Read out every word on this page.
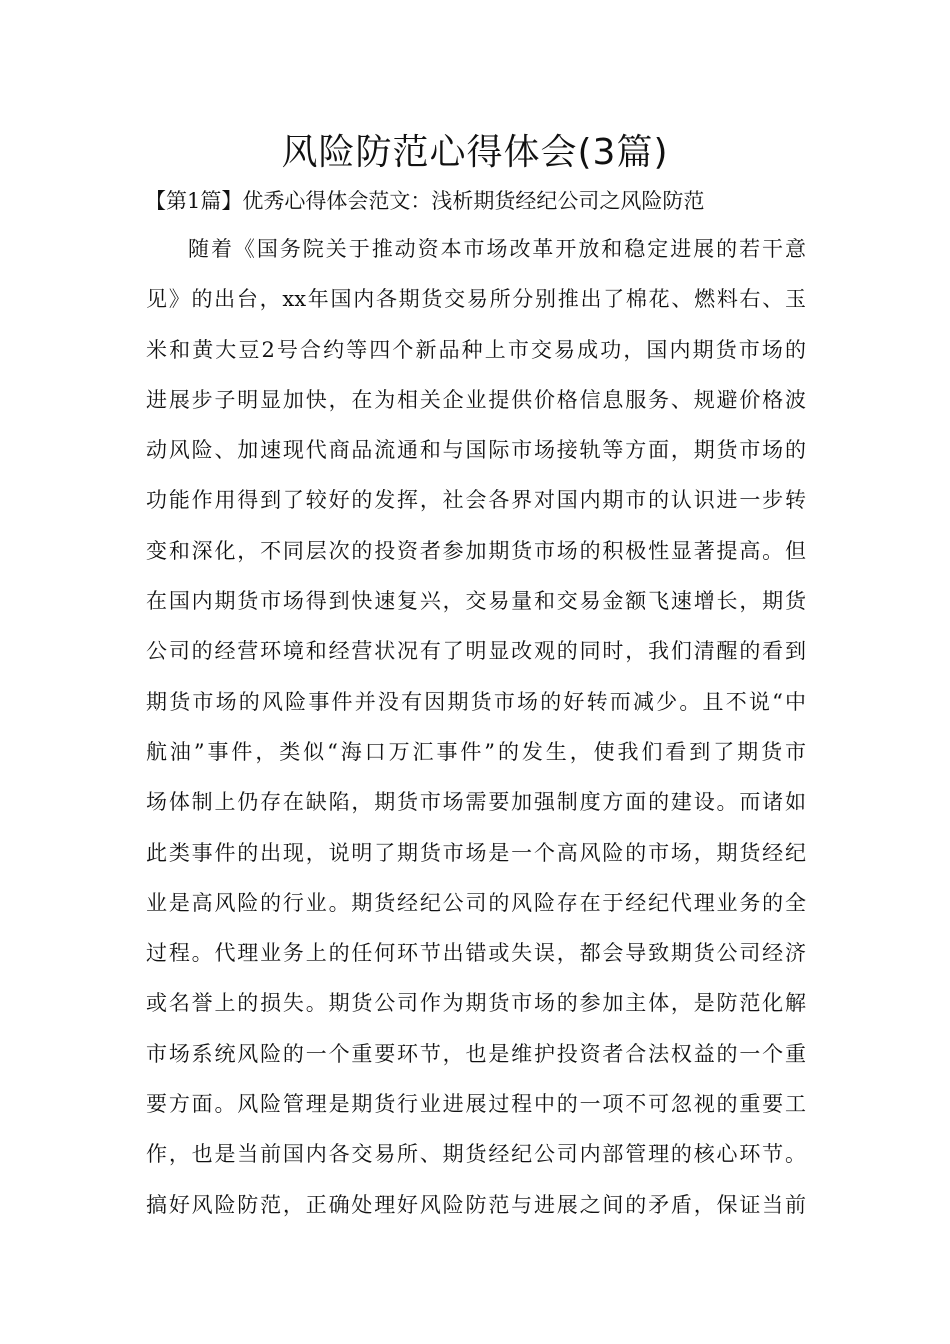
风险防范心得体会(3篇)
【第1篇】优秀心得体会范文：浅析期货经纪公司之风险防范
随着《国务院关于推动资本市场改革开放和稳定进展的若干意
见》的出台，xx年国内各期货交易所分别推出了棉花、燃料右、玉
米和黄大豆2号合约等四个新品种上市交易成功，国内期货市场的
进展步子明显加快，在为相关企业提供价格信息服务、规避价格波
动风险、加速现代商品流通和与国际市场接轨等方面，期货市场的
功能作用得到了较好的发挥，社会各界对国内期市的认识进一步转
变和深化，不同层次的投资者参加期货市场的积极性显著提高。但
在国内期货市场得到快速复兴，交易量和交易金额飞速增长，期货
公司的经营环境和经营状况有了明显改观的同时，我们清醒的看到
期货市场的风险事件并没有因期货市场的好转而减少。且不说“中
航油”事件，类似“海口万汇事件”的发生，使我们看到了期货市
场体制上仍存在缺陷，期货市场需要加强制度方面的建设。而诸如
此类事件的出现，说明了期货市场是一个高风险的市场，期货经纪
业是高风险的行业。期货经纪公司的风险存在于经纪代理业务的全
过程。代理业务上的任何环节出错或失误，都会导致期货公司经济
或名誉上的损失。期货公司作为期货市场的参加主体，是防范化解
市场系统风险的一个重要环节，也是维护投资者合法权益的一个重
要方面。风险管理是期货行业进展过程中的一项不可忽视的重要工
作，也是当前国内各交易所、期货经纪公司内部管理的核心环节。
搞好风险防范，正确处理好风险防范与进展之间的矛盾，保证当前
